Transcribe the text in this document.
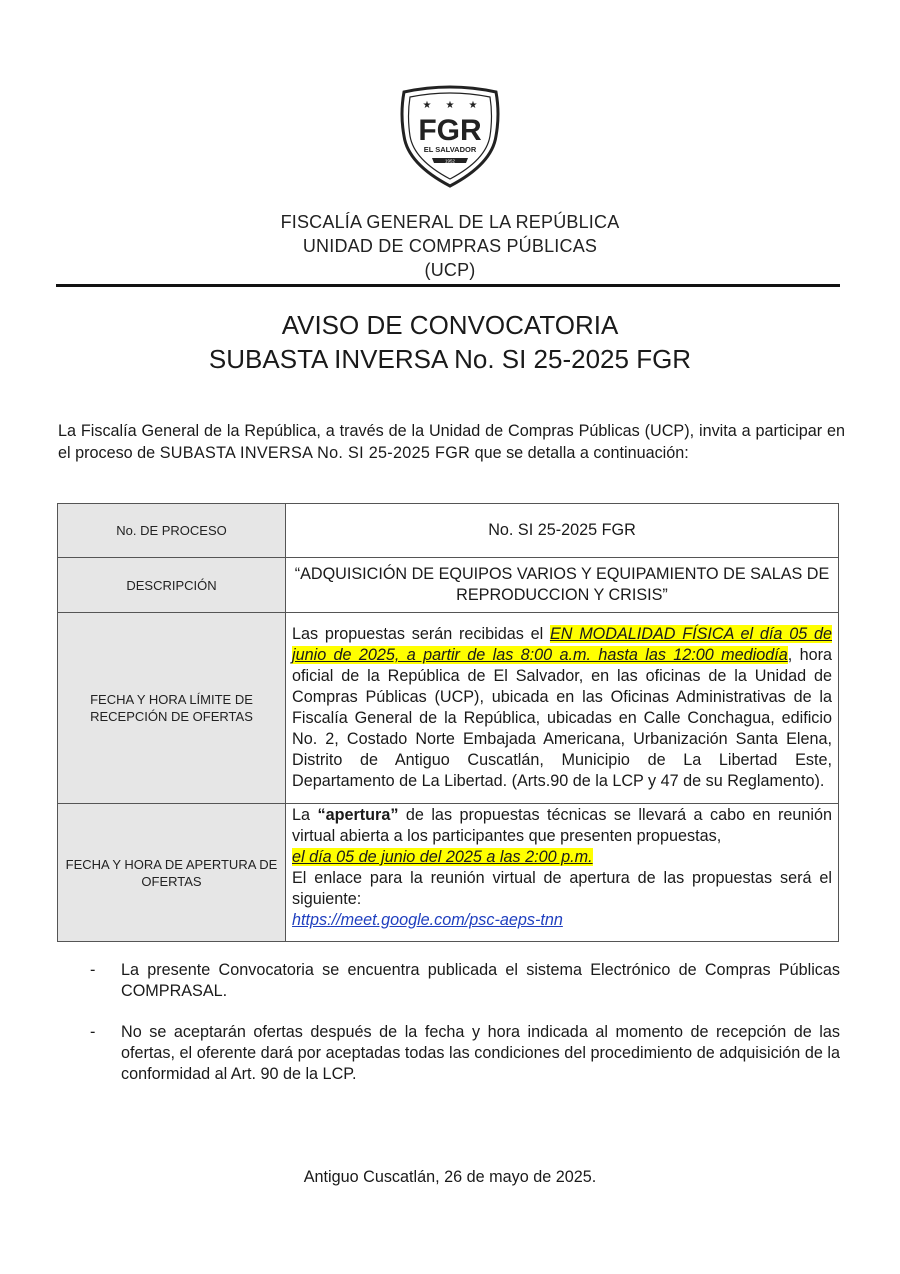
★ ★ ★
FGR
EL SALVADOR
1952
FISCALÍA GENERAL DE LA REPÚBLICA
UNIDAD DE COMPRAS PÚBLICAS
(UCP)
AVISO DE CONVOCATORIA
SUBASTA INVERSA No. SI 25-2025 FGR
La Fiscalía General de la República, a través de la Unidad de Compras Públicas (UCP), invita a participar en el proceso de SUBASTA INVERSA No. SI 25-2025 FGR que se detalla a continuación:
No. DE PROCESO	No. SI 25-2025 FGR
DESCRIPCIÓN	“ADQUISICIÓN DE EQUIPOS VARIOS Y EQUIPAMIENTO DE SALAS DE REPRODUCCION Y CRISIS”
FECHA Y HORA LÍMITE DE RECEPCIÓN DE OFERTAS	Las propuestas serán recibidas el EN MODALIDAD FÍSICA el día 05 de junio de 2025, a partir de las 8:00 a.m. hasta las 12:00 mediodía, hora oficial de la República de El Salvador, en las oficinas de la Unidad de Compras Públicas (UCP), ubicada en las Oficinas Administrativas de la Fiscalía General de la República, ubicadas en Calle Conchagua, edificio No. 2, Costado Norte Embajada Americana, Urbanización Santa Elena, Distrito de Antiguo Cuscatlán, Municipio de La Libertad Este, Departamento de La Libertad. (Arts.90 de la LCP y 47 de su Reglamento).
FECHA Y HORA DE APERTURA DE OFERTAS	La “apertura” de las propuestas técnicas se llevará a cabo en reunión virtual abierta a los participantes que presenten propuestas,
el día 05 de junio del 2025 a las 2:00 p.m.
El enlace para la reunión virtual de apertura de las propuestas será el siguiente:
https://meet.google.com/psc-aeps-tnn
- La presente Convocatoria se encuentra publicada el sistema Electrónico de Compras Públicas COMPRASAL.
- No se aceptarán ofertas después de la fecha y hora indicada al momento de recepción de las ofertas, el oferente dará por aceptadas todas las condiciones del procedimiento de adquisición de la conformidad al Art. 90 de la LCP.
Antiguo Cuscatlán, 26 de mayo de 2025.
